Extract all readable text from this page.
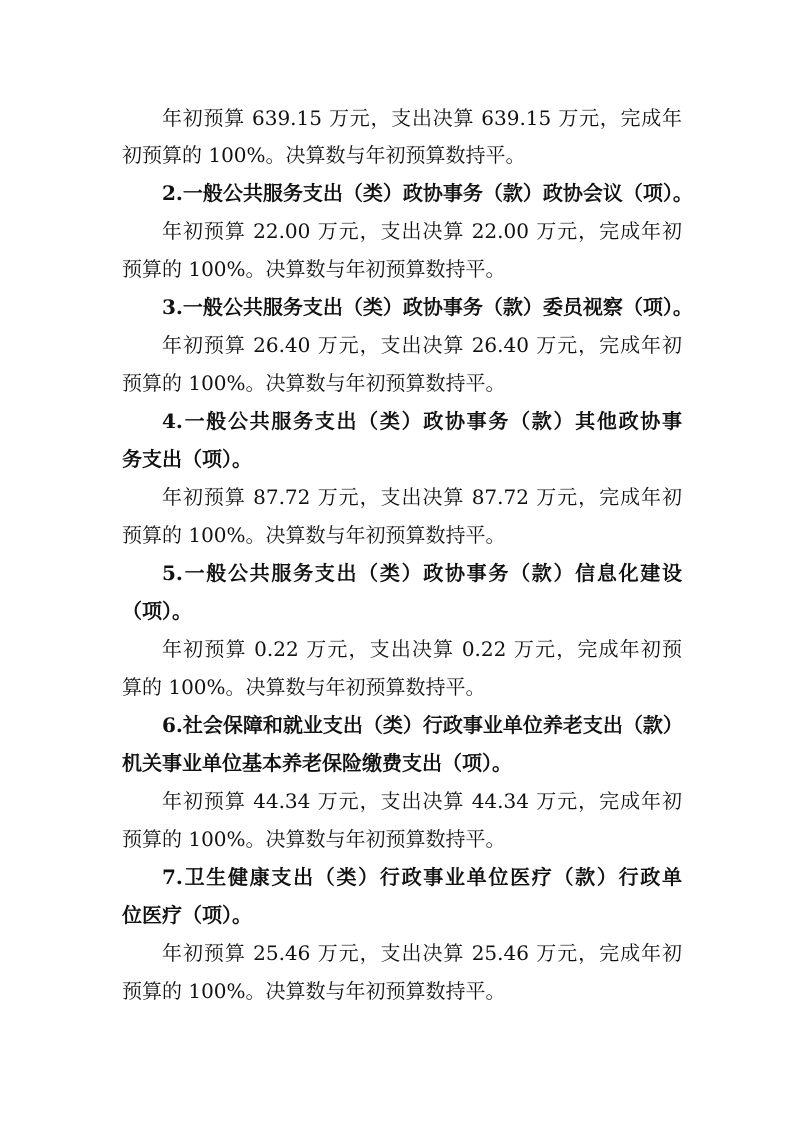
年初预算 639.15 万元，支出决算 639.15 万元，完成年
初预算的 100%。决算数与年初预算数持平。
2.一般公共服务支出（类）政协事务（款）政协会议（项）。
年初预算 22.00 万元，支出决算 22.00 万元，完成年初
预算的 100%。决算数与年初预算数持平。
3.一般公共服务支出（类）政协事务（款）委员视察（项）。
年初预算 26.40 万元，支出决算 26.40 万元，完成年初
预算的 100%。决算数与年初预算数持平。
4.一般公共服务支出（类）政协事务（款）其他政协事
务支出（项）。
年初预算 87.72 万元，支出决算 87.72 万元，完成年初
预算的 100%。决算数与年初预算数持平。
5.一般公共服务支出（类）政协事务（款）信息化建设
（项）。
年初预算 0.22 万元，支出决算 0.22 万元，完成年初预
算的 100%。决算数与年初预算数持平。
6.社会保障和就业支出（类）行政事业单位养老支出（款）
机关事业单位基本养老保险缴费支出（项）。
年初预算 44.34 万元，支出决算 44.34 万元，完成年初
预算的 100%。决算数与年初预算数持平。
7.卫生健康支出（类）行政事业单位医疗（款）行政单
位医疗（项）。
年初预算 25.46 万元，支出决算 25.46 万元，完成年初
预算的 100%。决算数与年初预算数持平。
